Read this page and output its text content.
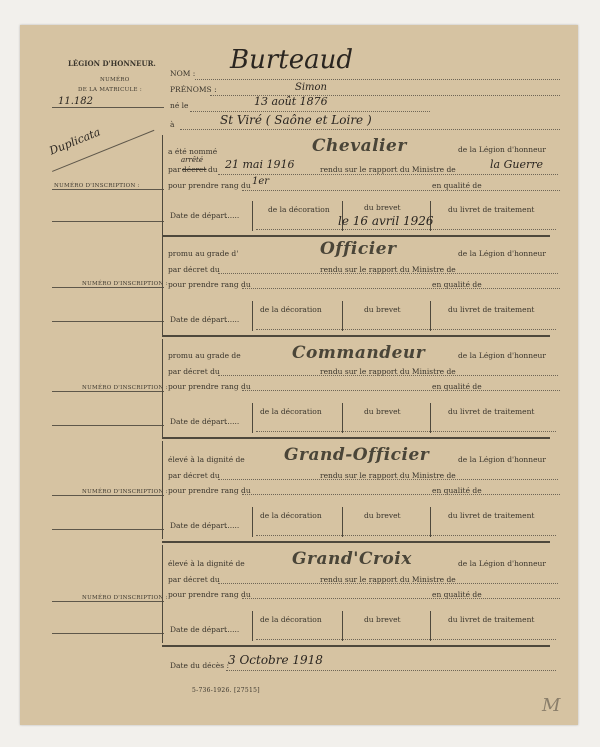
LÉGION D'HONNEUR.
NUMÉRO
DE LA MATRICULE :
11.182
Duplicata
NOM : Burteaud
PRÉNOMS :	Simon
né le	13 août 1876
à	St Viré ( Saône et Loire )
NUMÉRO D'INSCRIPTION :
NUMÉRO D'INSCRIPTION :
NUMÉRO D'INSCRIPTION :
NUMÉRO D'INSCRIPTION :
NUMÉRO D'INSCRIPTION :
a été nommé	Chevalier	de la Légion d'honneur
par décret
arrêté
du 21 mai 1916	rendu sur le rapport du Ministre de	la Guerre
pour prendre rang du 1er	en qualité de
Date de départ
......
de la décoration	du brevet	du livret de traitement
le 16 avril 1926
promu au grade d'	Officier	de la Légion d'honneur
par décret du	rendu sur le rapport du Ministre de
pour prendre rang du	en qualité de
Date de départ
......
de la décoration	du brevet	du livret de traitement
promu au grade de	Commandeur	de la Légion d'honneur
par décret du	rendu sur le rapport du Ministre de
pour prendre rang du	en qualité de
Date de départ
......
de la décoration	du brevet	du livret de traitement
élevé à la dignité de Grand-Officier	de la Légion d'honneur
par décret du	rendu sur le rapport du Ministre de
pour prendre rang du	en qualité de
Date de départ
......
de la décoration	du brevet	du livret de traitement
élevé à la dignité de	Grand'Croix	de la Légion d'honneur
par décret du	rendu sur le rapport du Ministre de
pour prendre rang du	en qualité de
Date de départ
......
de la décoration	du brevet	du livret de traitement
Date du décès : 3 Octobre 1918
5-736-1926. [27515]
M
